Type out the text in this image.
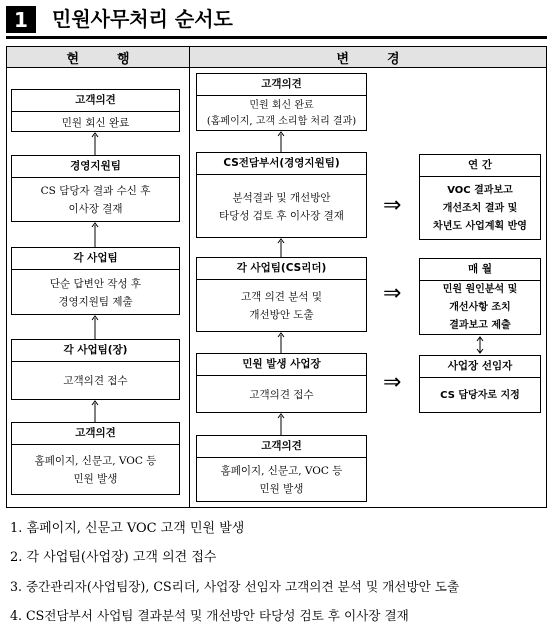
1	민원사무처리 순서도
현행	변경
고객의견
민원 회신 완료
경영지원팀
CS 담당자 결과 수신 후
이사장 결재
각 사업팀
단순 답변안 작성 후
경영지원팀 제출
각 사업팀(장)
고객의견 접수
고객의견
홈페이지, 신문고, VOC 등
민원 발생
고객의견
민원 회신 완료
(홈페이지, 고객 소리함 처리 결과)
CS전담부서(경영지원팀)
분석결과 및 개선방안
타당성 검토 후 이사장 결재
각 사업팀(CS리더)
고객 의견 분석 및
개선방안 도출
민원 발생 사업장
고객의견 접수
고객의견
홈페이지, 신문고, VOC 등
민원 발생
연 간
VOC 결과보고
개선조치 결과 및
차년도 사업계획 반영
매 월
민원 원인분석 및
개선사항 조치
결과보고 제출
사업장 선임자
CS 담당자로 지정
⇒
⇒
⇒
1. 홈페이지, 신문고 VOC 고객 민원 발생
2. 각 사업팀(사업장) 고객 의견 접수
3. 중간관리자(사업팀장), CS리더, 사업장 선임자 고객의견 분석 및 개선방안 도출
4. CS전담부서 사업팀 결과분석 및 개선방안 타당성 검토 후 이사장 결재
